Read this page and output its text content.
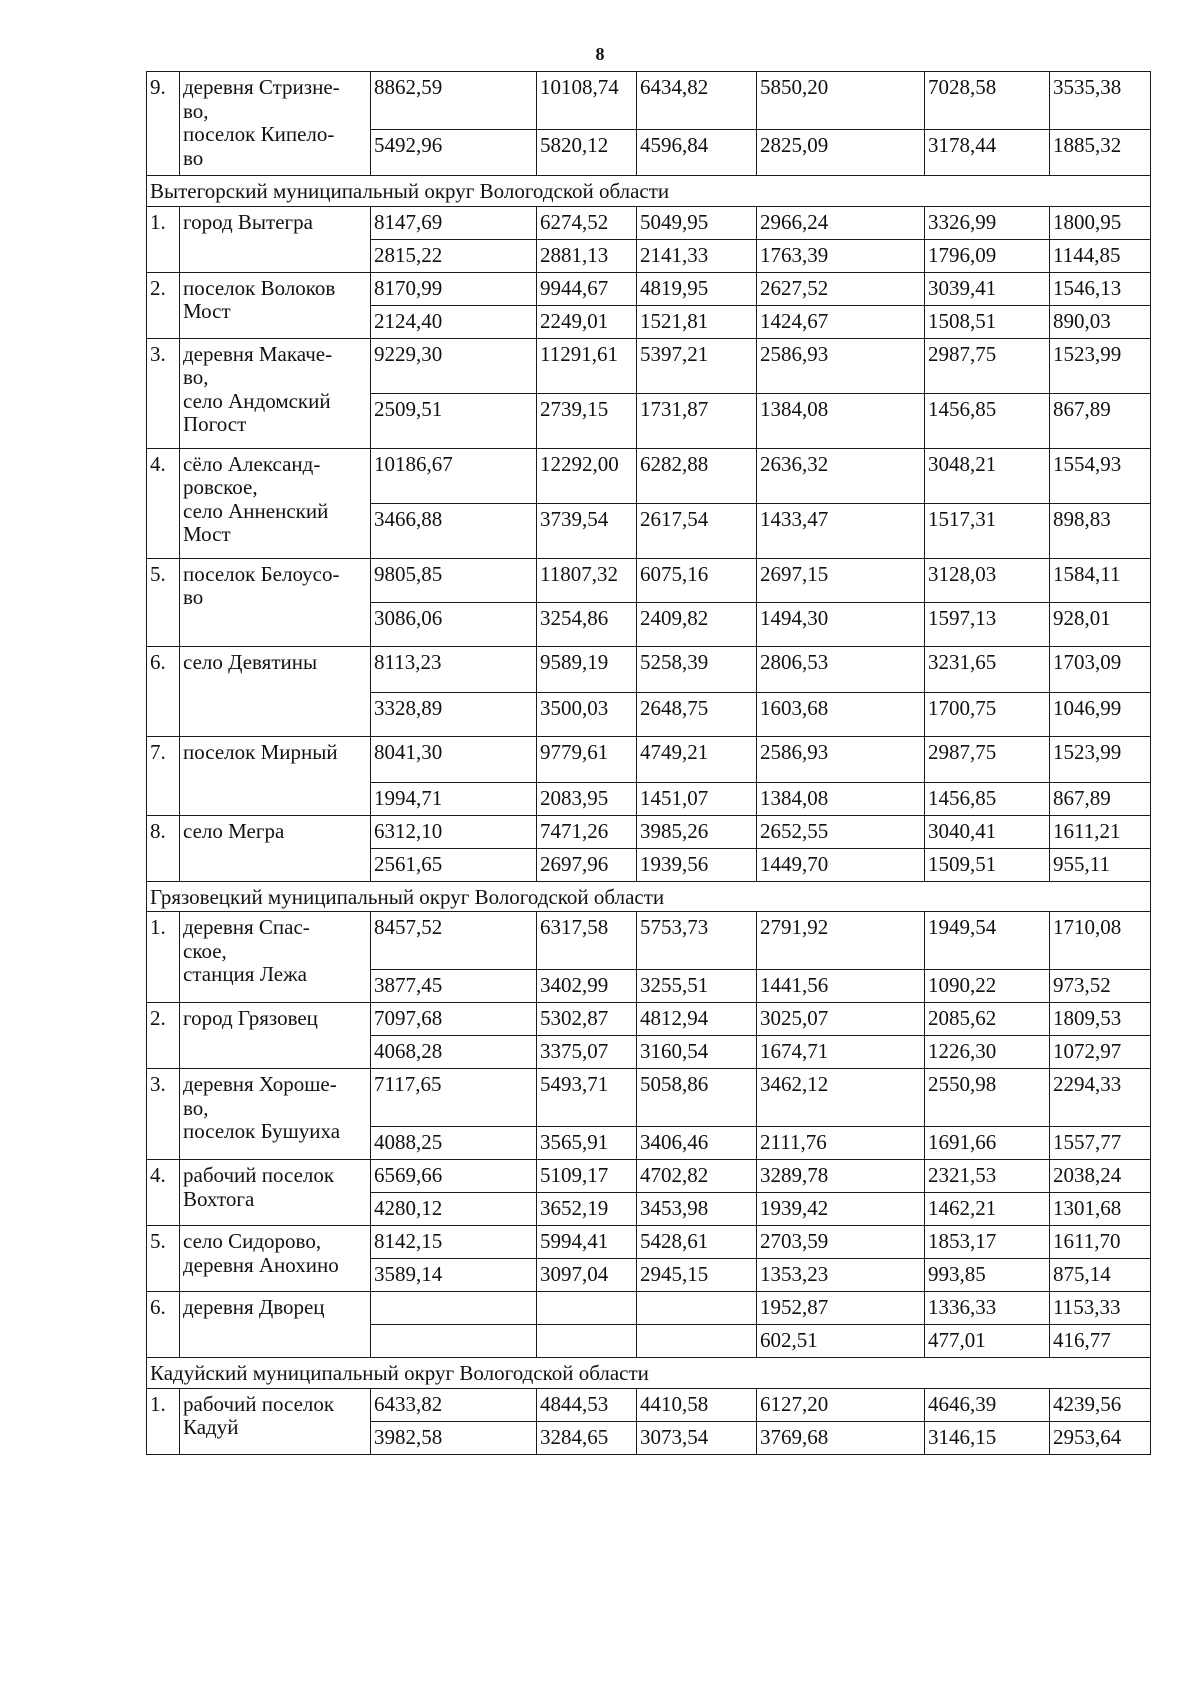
8
9.	деревня Стризне-
во,
поселок Кипело-
во	8862,59	10108,74	6434,82	5850,20	7028,58	3535,38
		5492,96	5820,12	4596,84	2825,09	3178,44	1885,32
Вытегорский муниципальный округ Вологодской области							
1.	город Вытегра	8147,69	6274,52	5049,95	2966,24	3326,99	1800,95
		2815,22	2881,13	2141,33	1763,39	1796,09	1144,85
2.	поселок Волоков
Мост	8170,99	9944,67	4819,95	2627,52	3039,41	1546,13
		2124,40	2249,01	1521,81	1424,67	1508,51	890,03
3.	деревня Макаче-
во,
село Андомский
Погост	9229,30	11291,61	5397,21	2586,93	2987,75	1523,99
		2509,51	2739,15	1731,87	1384,08	1456,85	867,89
4.	сёло Александ-
ровское,
село Анненский
Мост	10186,67	12292,00	6282,88	2636,32	3048,21	1554,93
		3466,88	3739,54	2617,54	1433,47	1517,31	898,83
5.	поселок Белоусо-
во	9805,85	11807,32	6075,16	2697,15	3128,03	1584,11
		3086,06	3254,86	2409,82	1494,30	1597,13	928,01
6.	село Девятины	8113,23	9589,19	5258,39	2806,53	3231,65	1703,09
		3328,89	3500,03	2648,75	1603,68	1700,75	1046,99
7.	поселок Мирный	8041,30	9779,61	4749,21	2586,93	2987,75	1523,99
		1994,71	2083,95	1451,07	1384,08	1456,85	867,89
8.	село Мегра	6312,10	7471,26	3985,26	2652,55	3040,41	1611,21
		2561,65	2697,96	1939,56	1449,70	1509,51	955,11
Грязовецкий муниципальный округ Вологодской области							
1.	деревня Спас-
ское,
станция Лежа	8457,52	6317,58	5753,73	2791,92	1949,54	1710,08
		3877,45	3402,99	3255,51	1441,56	1090,22	973,52
2.	город Грязовец	7097,68	5302,87	4812,94	3025,07	2085,62	1809,53
		4068,28	3375,07	3160,54	1674,71	1226,30	1072,97
3.	деревня Хороше-
во,
поселок Бушуиха	7117,65	5493,71	5058,86	3462,12	2550,98	2294,33
		4088,25	3565,91	3406,46	2111,76	1691,66	1557,77
4.	рабочий поселок
Вохтога	6569,66	5109,17	4702,82	3289,78	2321,53	2038,24
		4280,12	3652,19	3453,98	1939,42	1462,21	1301,68
5.	село Сидорово,
деревня Анохино	8142,15	5994,41	5428,61	2703,59	1853,17	1611,70
		3589,14	3097,04	2945,15	1353,23	993,85	875,14
6.	деревня Дворец				1952,87	1336,33	1153,33
					602,51	477,01	416,77
Кадуйский муниципальный округ Вологодской области							
1.	рабочий поселок
Кадуй	6433,82	4844,53	4410,58	6127,20	4646,39	4239,56
		3982,58	3284,65	3073,54	3769,68	3146,15	2953,64
